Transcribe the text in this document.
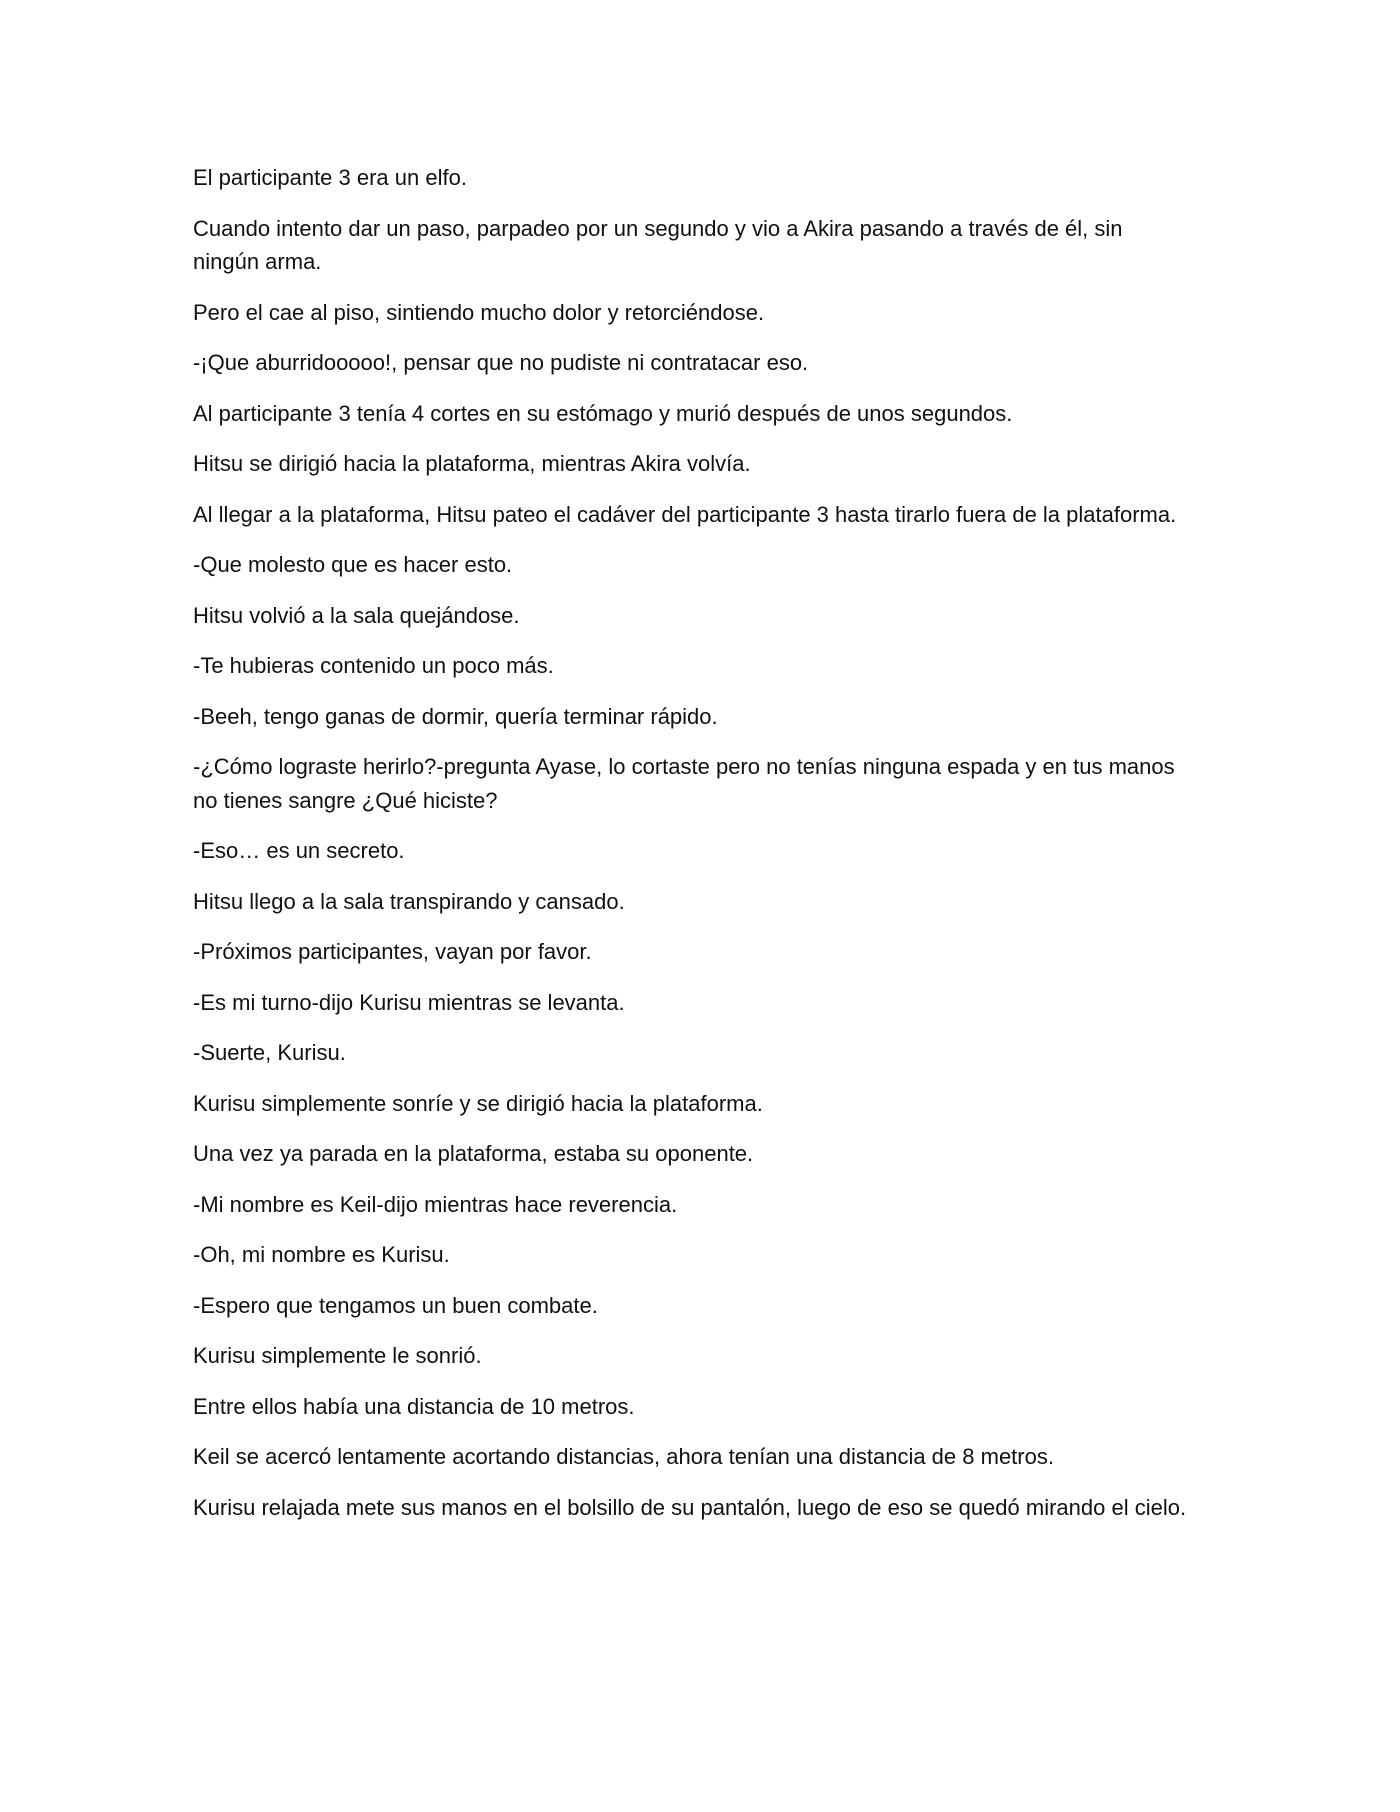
El participante 3 era un elfo.

Cuando intento dar un paso, parpadeo por un segundo y vio a Akira pasando a través de él, sin ningún arma.

Pero el cae al piso, sintiendo mucho dolor y retorciéndose.

-¡Que aburridooooo!, pensar que no pudiste ni contratacar eso.

Al participante 3 tenía 4 cortes en su estómago y murió después de unos segundos.

Hitsu se dirigió hacia la plataforma, mientras Akira volvía.

Al llegar a la plataforma, Hitsu pateo el cadáver del participante 3 hasta tirarlo fuera de la plataforma.

-Que molesto que es hacer esto.

Hitsu volvió a la sala quejándose.

-Te hubieras contenido un poco más.

-Beeh, tengo ganas de dormir, quería terminar rápido.

-¿Cómo lograste herirlo?-pregunta Ayase, lo cortaste pero no tenías ninguna espada y en tus manos no tienes sangre ¿Qué hiciste?

-Eso… es un secreto.

Hitsu llego a la sala transpirando y cansado.

-Próximos participantes, vayan por favor.

-Es mi turno-dijo Kurisu mientras se levanta.

-Suerte, Kurisu.

Kurisu simplemente sonríe y se dirigió hacia la plataforma.

Una vez ya parada en la plataforma, estaba su oponente.

-Mi nombre es Keil-dijo mientras hace reverencia.

-Oh, mi nombre es Kurisu.

-Espero que tengamos un buen combate.

Kurisu simplemente le sonrió.

Entre ellos había una distancia de 10 metros.

Keil se acercó lentamente acortando distancias, ahora tenían una distancia de 8 metros.

Kurisu relajada mete sus manos en el bolsillo de su pantalón, luego de eso se quedó mirando el cielo.
